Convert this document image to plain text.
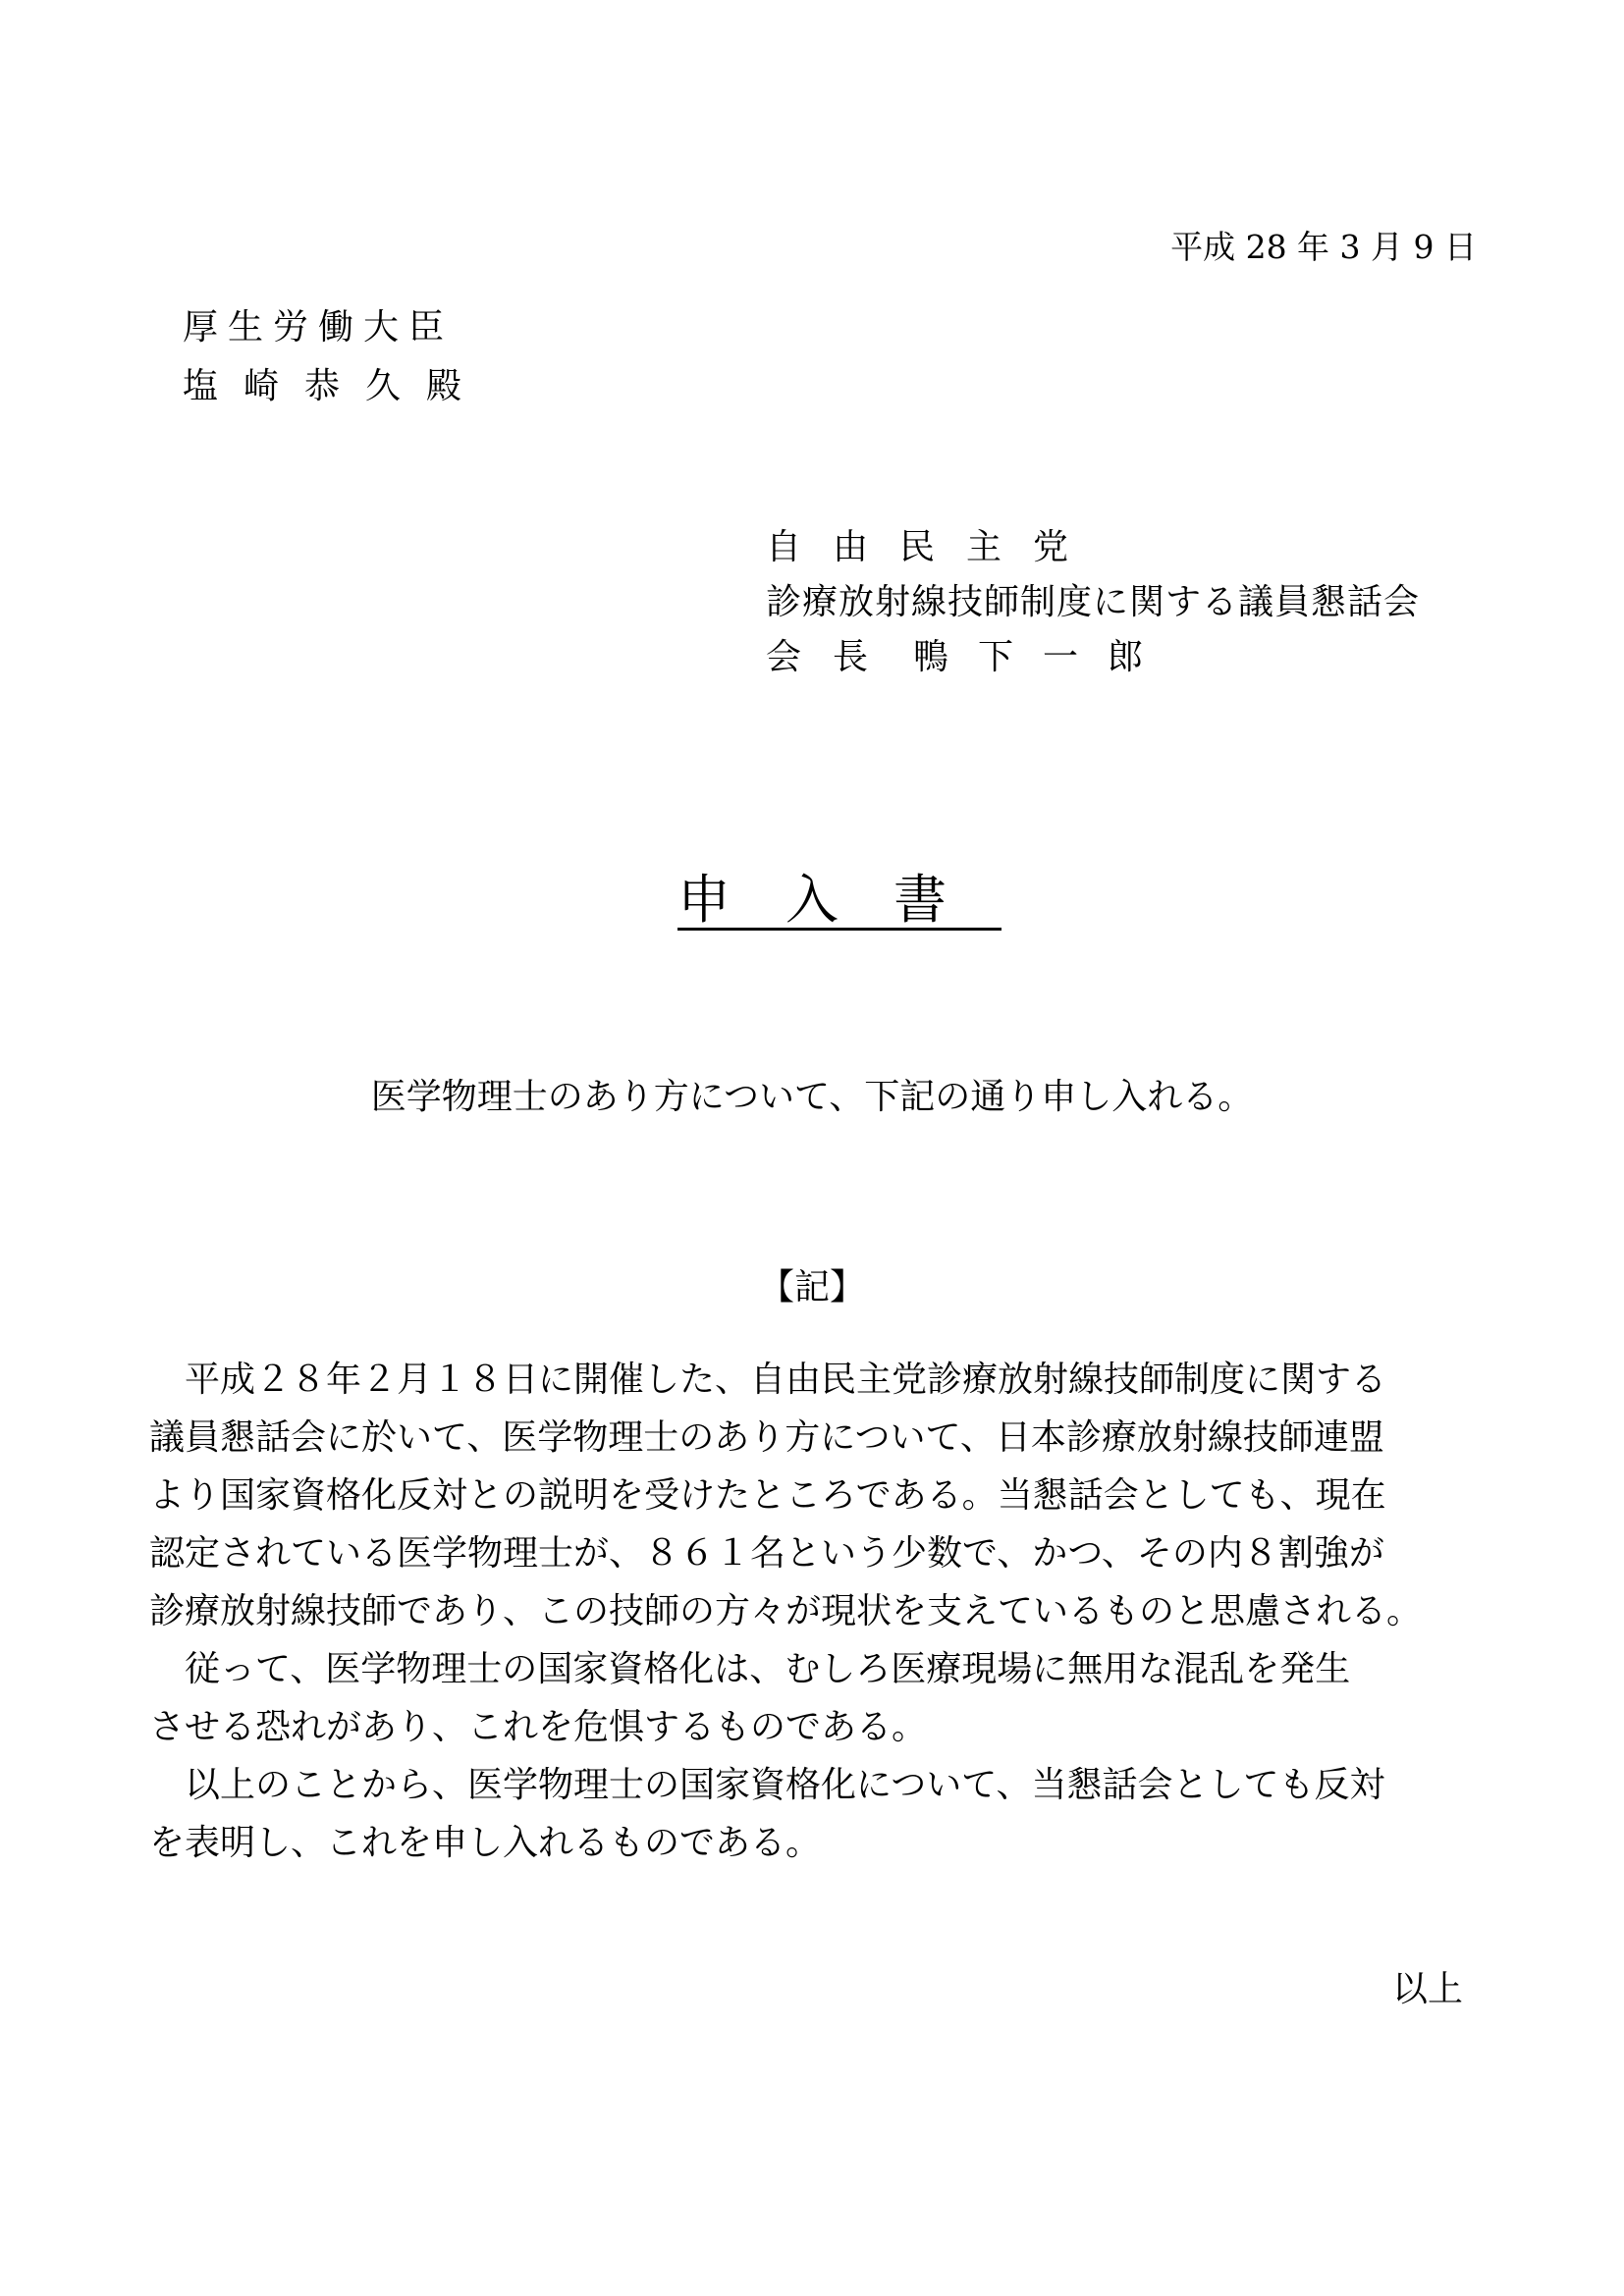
平成 28 年 3 月 9 日
厚生労働大臣
塩崎恭久殿
自由民主党
診療放射線技師制度に関する議員懇話会
会長 鴨下一郎
申入書
医学物理士のあり方について、下記の通り申し入れる。
【記】
　平成２８年２月１８日に開催した、自由民主党診療放射線技師制度に関する
議員懇話会に於いて、医学物理士のあり方について、日本診療放射線技師連盟
より国家資格化反対との説明を受けたところである。当懇話会としても、現在
認定されている医学物理士が、８６１名という少数で、かつ、その内８割強が
診療放射線技師であり、この技師の方々が現状を支えているものと思慮される。
　従って、医学物理士の国家資格化は、むしろ医療現場に無用な混乱を発生
させる恐れがあり、これを危惧するものである。
　以上のことから、医学物理士の国家資格化について、当懇話会としても反対
を表明し、これを申し入れるものである。
以上
